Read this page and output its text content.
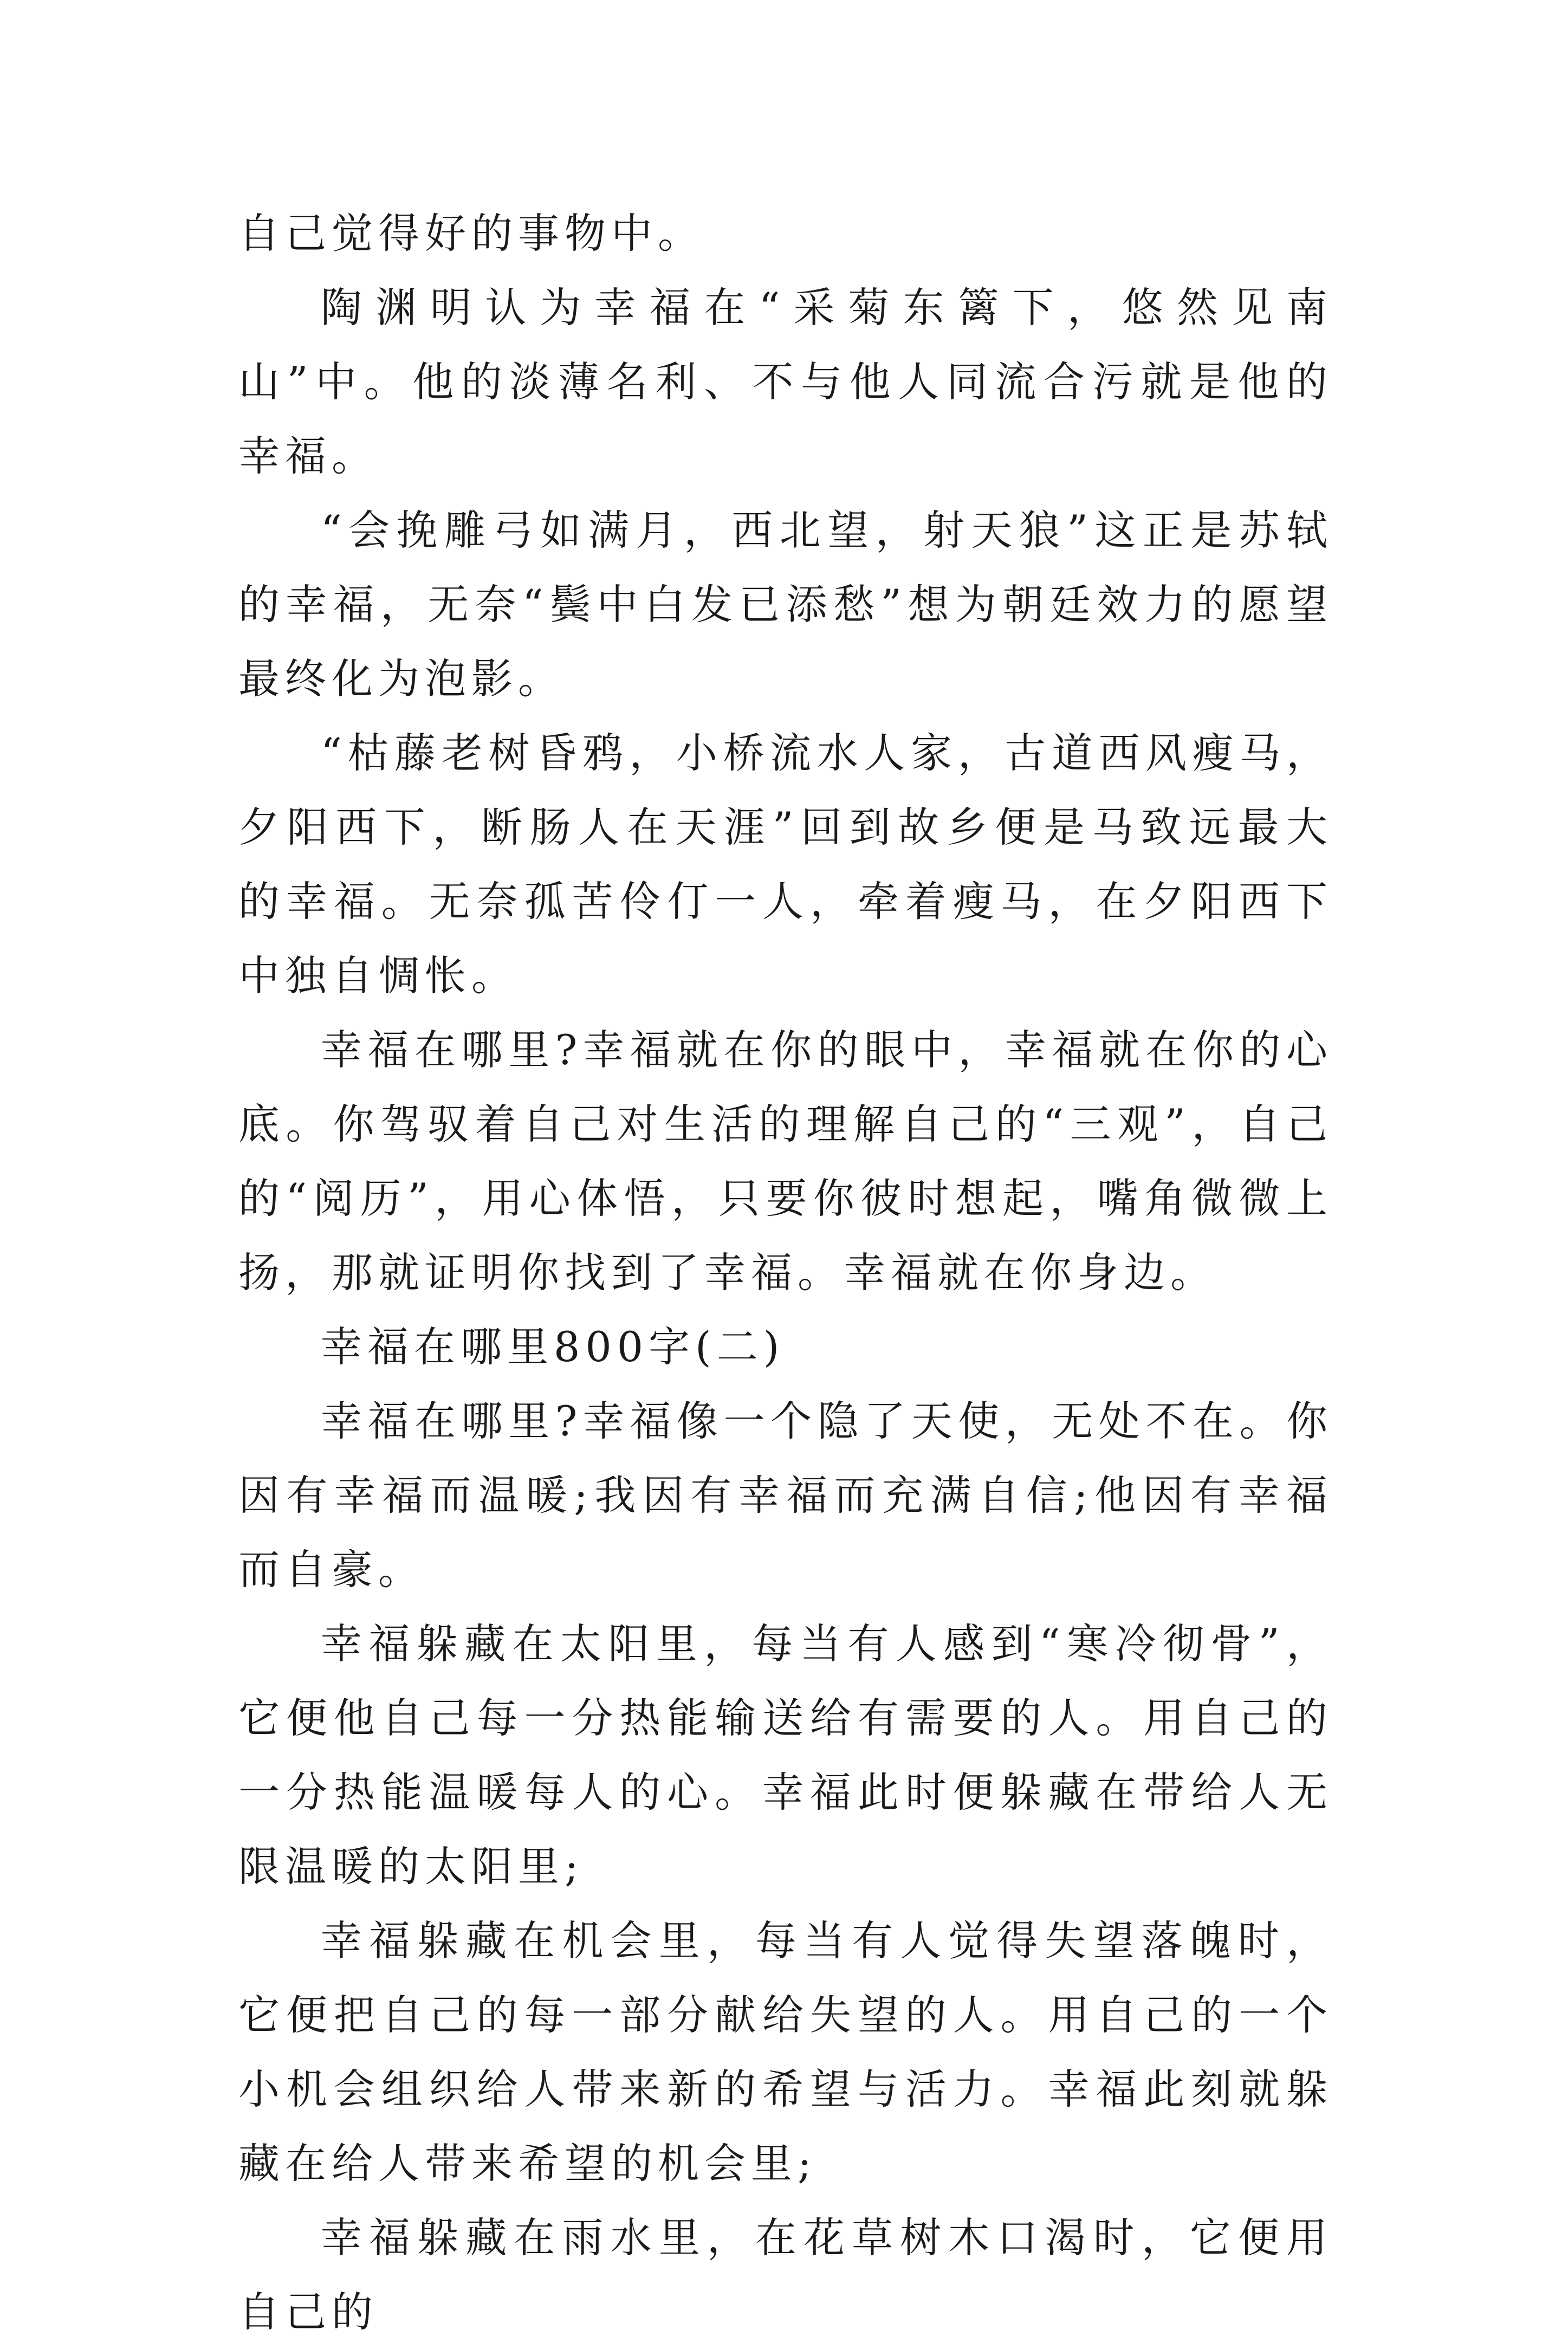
自己觉得好的事物中。

陶渊明认为幸福在“采菊东篱下，悠然见南山”中。他的淡薄名利、不与他人同流合污就是他的幸福。

“会挽雕弓如满月，西北望，射天狼”这正是苏轼的幸福，无奈“鬓中白发已添愁”想为朝廷效力的愿望最终化为泡影。

“枯藤老树昏鸦，小桥流水人家，古道西风瘦马，夕阳西下，断肠人在天涯”回到故乡便是马致远最大的幸福。无奈孤苦伶仃一人，牵着瘦马，在夕阳西下中独自惆怅。

幸福在哪里?幸福就在你的眼中，幸福就在你的心底。你驾驭着自己对生活的理解自己的“三观”，自己的“阅历”，用心体悟，只要你彼时想起，嘴角微微上扬，那就证明你找到了幸福。幸福就在你身边。

幸福在哪里800字(二)

幸福在哪里?幸福像一个隐了天使，无处不在。你因有幸福而温暖;我因有幸福而充满自信;他因有幸福而自豪。

幸福躲藏在太阳里，每当有人感到“寒冷彻骨”，它便他自己每一分热能输送给有需要的人。用自己的一分热能温暖每人的心。幸福此时便躲藏在带给人无限温暖的太阳里;

幸福躲藏在机会里，每当有人觉得失望落魄时，它便把自己的每一部分献给失望的人。用自己的一个小机会组织给人带来新的希望与活力。幸福此刻就躲藏在给人带来希望的机会里;

幸福躲藏在雨水里，在花草树木口渴时，它便用自己的
